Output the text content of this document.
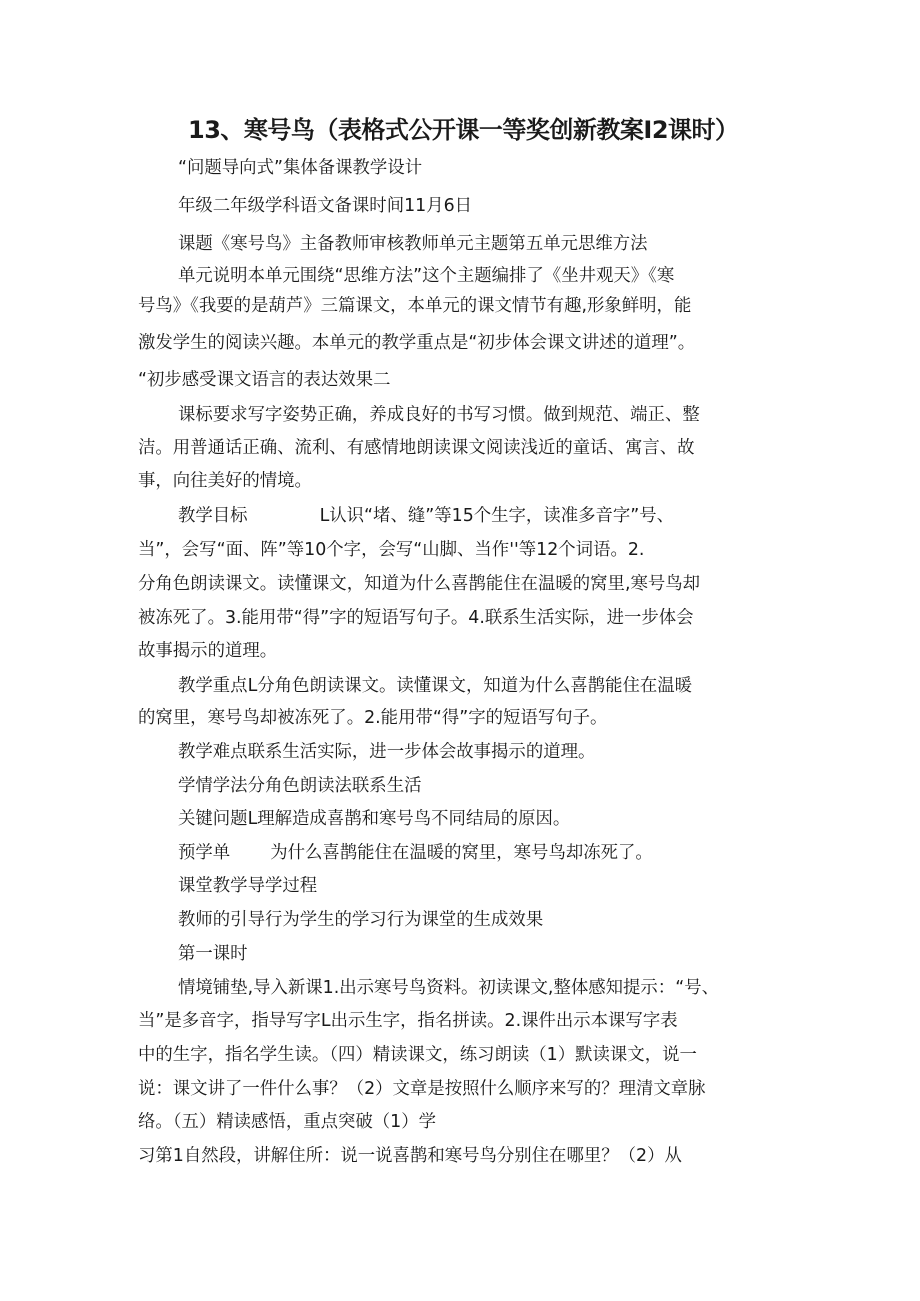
13、寒号鸟（表格式公开课一等奖创新教案I2课时）
“问题导向式”集体备课教学设计
年级二年级学科语文备课时间11月6日
课题《寒号鸟》主备教师审核教师单元主题第五单元思维方法
单元说明本单元围绕“思维方法”这个主题编排了《坐井观天》《寒
号鸟》《我要的是葫芦》三篇课文，本单元的课文情节有趣,形象鲜明，能
激发学生的阅读兴趣。本单元的教学重点是“初步体会课文讲述的道理”。
“初步感受课文语言的表达效果二
课标要求写字姿势正确，养成良好的书写习惯。做到规范、端正、整
洁。用普通话正确、流利、有感情地朗读课文阅读浅近的童话、寓言、故
事，向往美好的情境。
教学目标	L认识“堵、缝”等15个生字，读准多音字”号、
当”，会写“面、阵”等10个字，会写“山脚、当作''等12个词语。2.
分角色朗读课文。读懂课文，知道为什么喜鹊能住在温暖的窝里,寒号鸟却
被冻死了。3.能用带“得”字的短语写句子。4.联系生活实际，进一步体会
故事揭示的道理。
教学重点L分角色朗读课文。读懂课文，知道为什么喜鹊能住在温暖
的窝里，寒号鸟却被冻死了。2.能用带“得”字的短语写句子。
教学难点联系生活实际，进一步体会故事揭示的道理。
学情学法分角色朗读法联系生活
关键问题L理解造成喜鹊和寒号鸟不同结局的原因。
预学单 为什么喜鹊能住在温暖的窝里，寒号鸟却冻死了。
课堂教学导学过程
教师的引导行为学生的学习行为课堂的生成效果
第一课时
情境铺垫,导入新课1.出示寒号鸟资料。初读课文,整体感知提示：“号、
当”是多音字，指导写字L出示生字，指名拼读。2.课件出示本课写字表
中的生字，指名学生读。（四）精读课文，练习朗读（1）默读课文，说一
说：课文讲了一件什么事？（2）文章是按照什么顺序来写的？理清文章脉
络。（五）精读感悟，重点突破（1）学
习第1自然段，讲解住所：说一说喜鹊和寒号鸟分别住在哪里？（2）从
